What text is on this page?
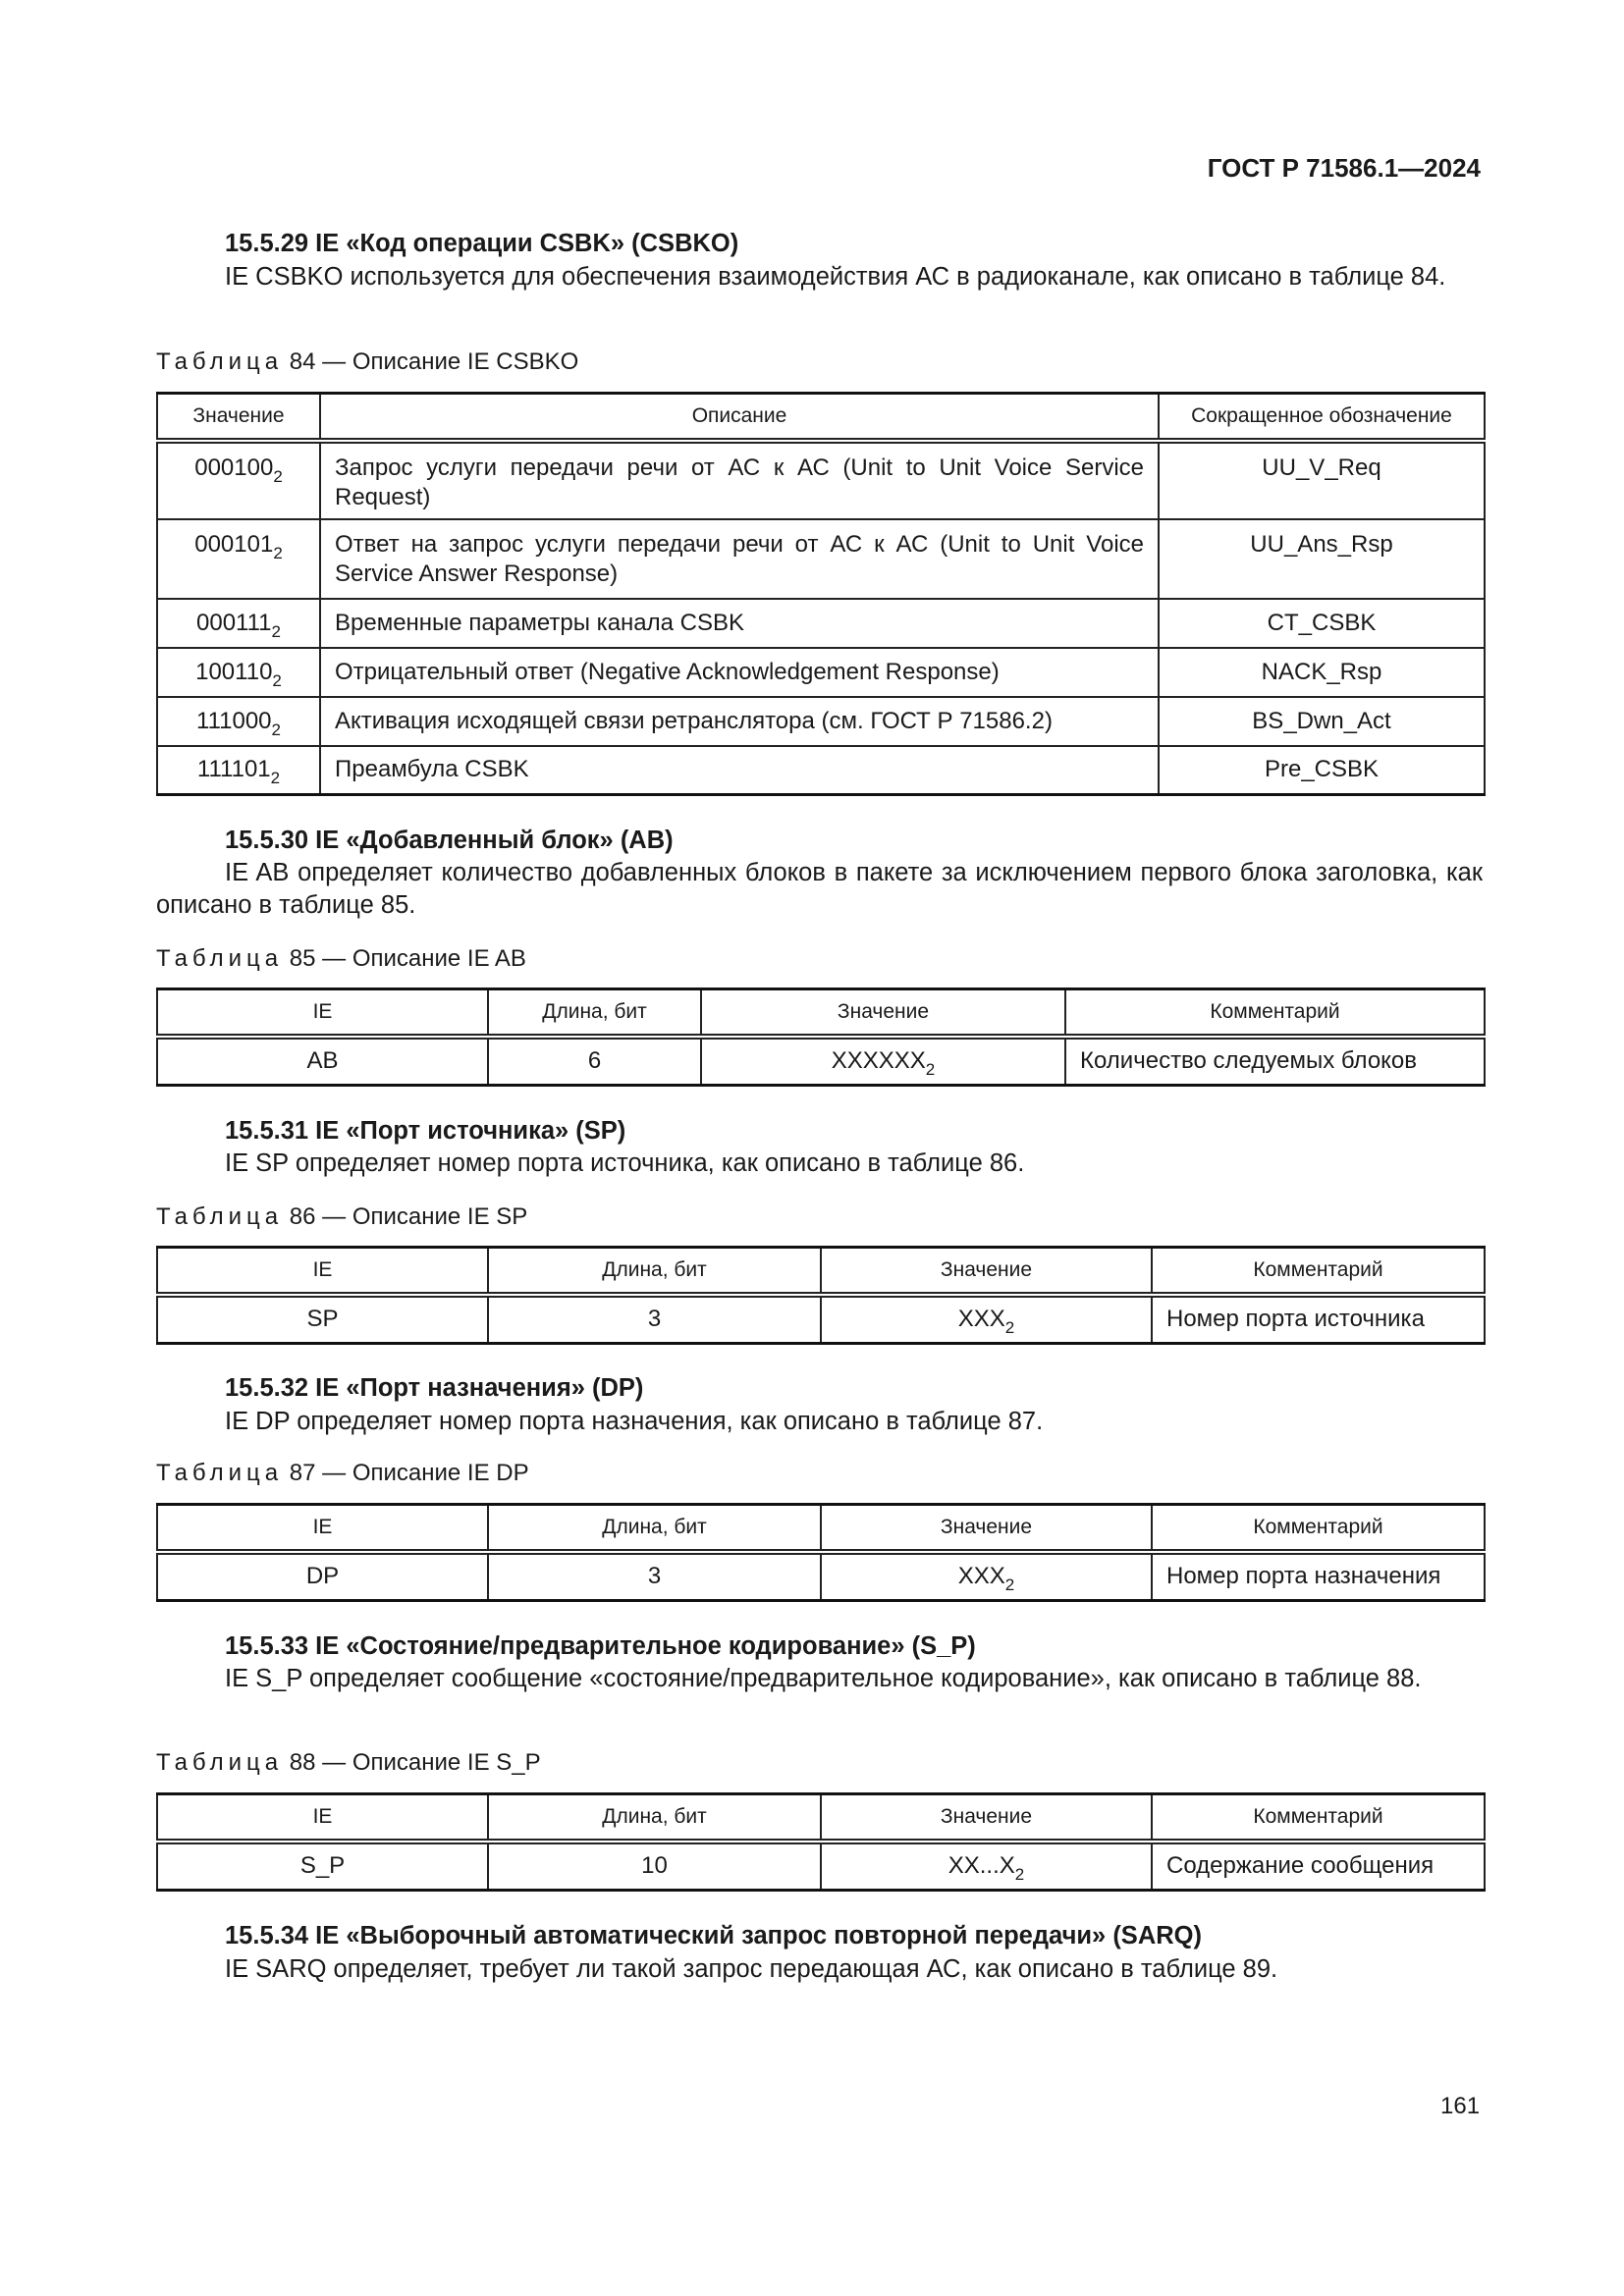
ГОСТ Р 71586.1—2024
15.5.29 IE «Код операции CSBK» (CSBKO)
IE CSBKO используется для обеспечения взаимодействия АС в радиоканале, как описано в таблице 84.
Таблица 84 — Описание IE CSBKO
Значение	Описание	Сокращенное обозначение
$000100_2$	Запрос услуги передачи речи от АС к АС (Unit to Unit Voice Service Request)	UU_V_Req
$000101_2$	Ответ на запрос услуги передачи речи от АС к АС (Unit to Unit Voice Service Answer Response)	UU_Ans_Rsp
$000111_2$	Временные параметры канала CSBK	CT_CSBK
$100110_2$	Отрицательный ответ (Negative Acknowledgement Response)	NACK_Rsp
$111000_2$	Активация исходящей связи ретранслятора (см. ГОСТ Р 71586.2)	BS_Dwn_Act
$111101_2$	Преамбула CSBK	Pre_CSBK
15.5.30 IE «Добавленный блок» (AB)
IE AB определяет количество добавленных блоков в пакете за исключением первого блока заголовка, как описано в таблице 85.
Таблица 85 — Описание IE AB
IE	Длина, бит	Значение	Комментарий
AB	6	$XXXXXX_2$	Количество следуемых блоков
15.5.31 IE «Порт источника» (SP)
IE SP определяет номер порта источника, как описано в таблице 86.
Таблица 86 — Описание IE SP
IE	Длина, бит	Значение	Комментарий
SP	3	$XXX_2$	Номер порта источника
15.5.32 IE «Порт назначения» (DP)
IE DP определяет номер порта назначения, как описано в таблице 87.
Таблица 87 — Описание IE DP
IE	Длина, бит	Значение	Комментарий
DP	3	$XXX_2$	Номер порта назначения
15.5.33 IE «Состояние/предварительное кодирование» (S_P)
IE S_P определяет сообщение «состояние/предварительное кодирование», как описано в таблице 88.
Таблица 88 — Описание IE S_P
IE	Длина, бит	Значение	Комментарий
S_P	10	$XX...X_2$	Содержание сообщения
15.5.34 IE «Выборочный автоматический запрос повторной передачи» (SARQ)
IE SARQ определяет, требует ли такой запрос передающая АС, как описано в таблице 89.
161
